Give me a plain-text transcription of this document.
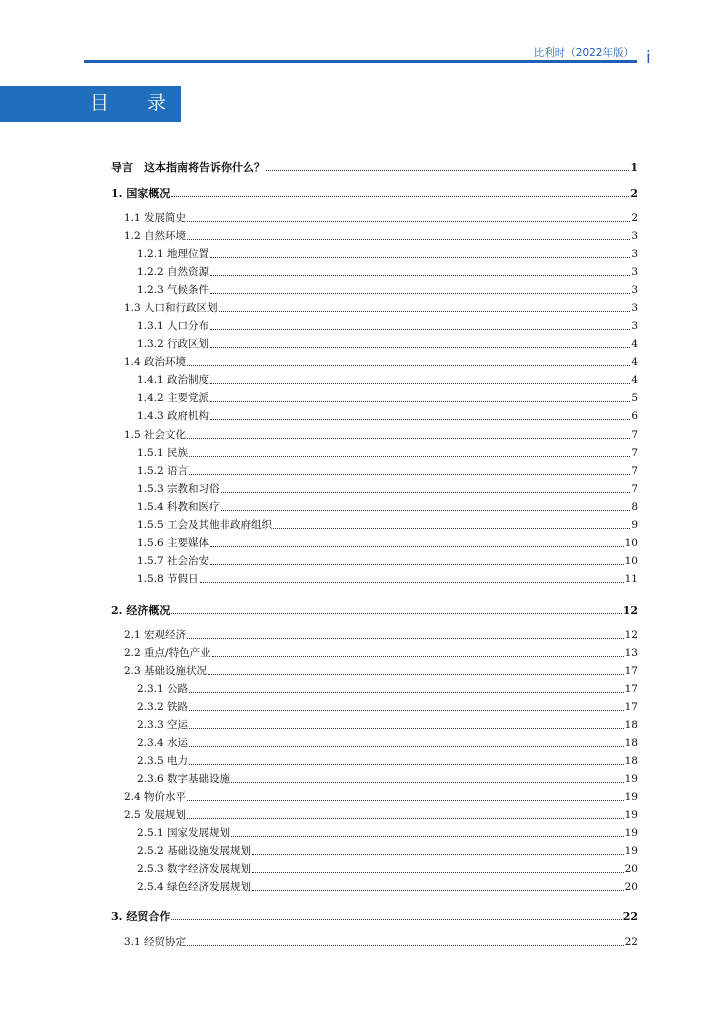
比利时（2022年版） i
目 录
导言　这本指南将告诉你什么？	1
1. 国家概况	2
1.1 发展简史	2
1.2 自然环境	3
1.2.1 地理位置	3
1.2.2 自然资源	3
1.2.3 气候条件	3
1.3 人口和行政区划	3
1.3.1 人口分布	3
1.3.2 行政区划	4
1.4 政治环境	4
1.4.1 政治制度	4
1.4.2 主要党派	5
1.4.3 政府机构	6
1.5 社会文化	7
1.5.1 民族	7
1.5.2 语言	7
1.5.3 宗教和习俗	7
1.5.4 科教和医疗	8
1.5.5 工会及其他非政府组织	9
1.5.6 主要媒体	10
1.5.7 社会治安	10
1.5.8 节假日	11
2. 经济概况	12
2.1 宏观经济	12
2.2 重点/特色产业	13
2.3 基础设施状况	17
2.3.1 公路	17
2.3.2 铁路	17
2.3.3 空运	18
2.3.4 水运	18
2.3.5 电力	18
2.3.6 数字基础设施	19
2.4 物价水平	19
2.5 发展规划	19
2.5.1 国家发展规划	19
2.5.2 基础设施发展规划	19
2.5.3 数字经济发展规划	20
2.5.4 绿色经济发展规划	20
3. 经贸合作	22
3.1 经贸协定	22
